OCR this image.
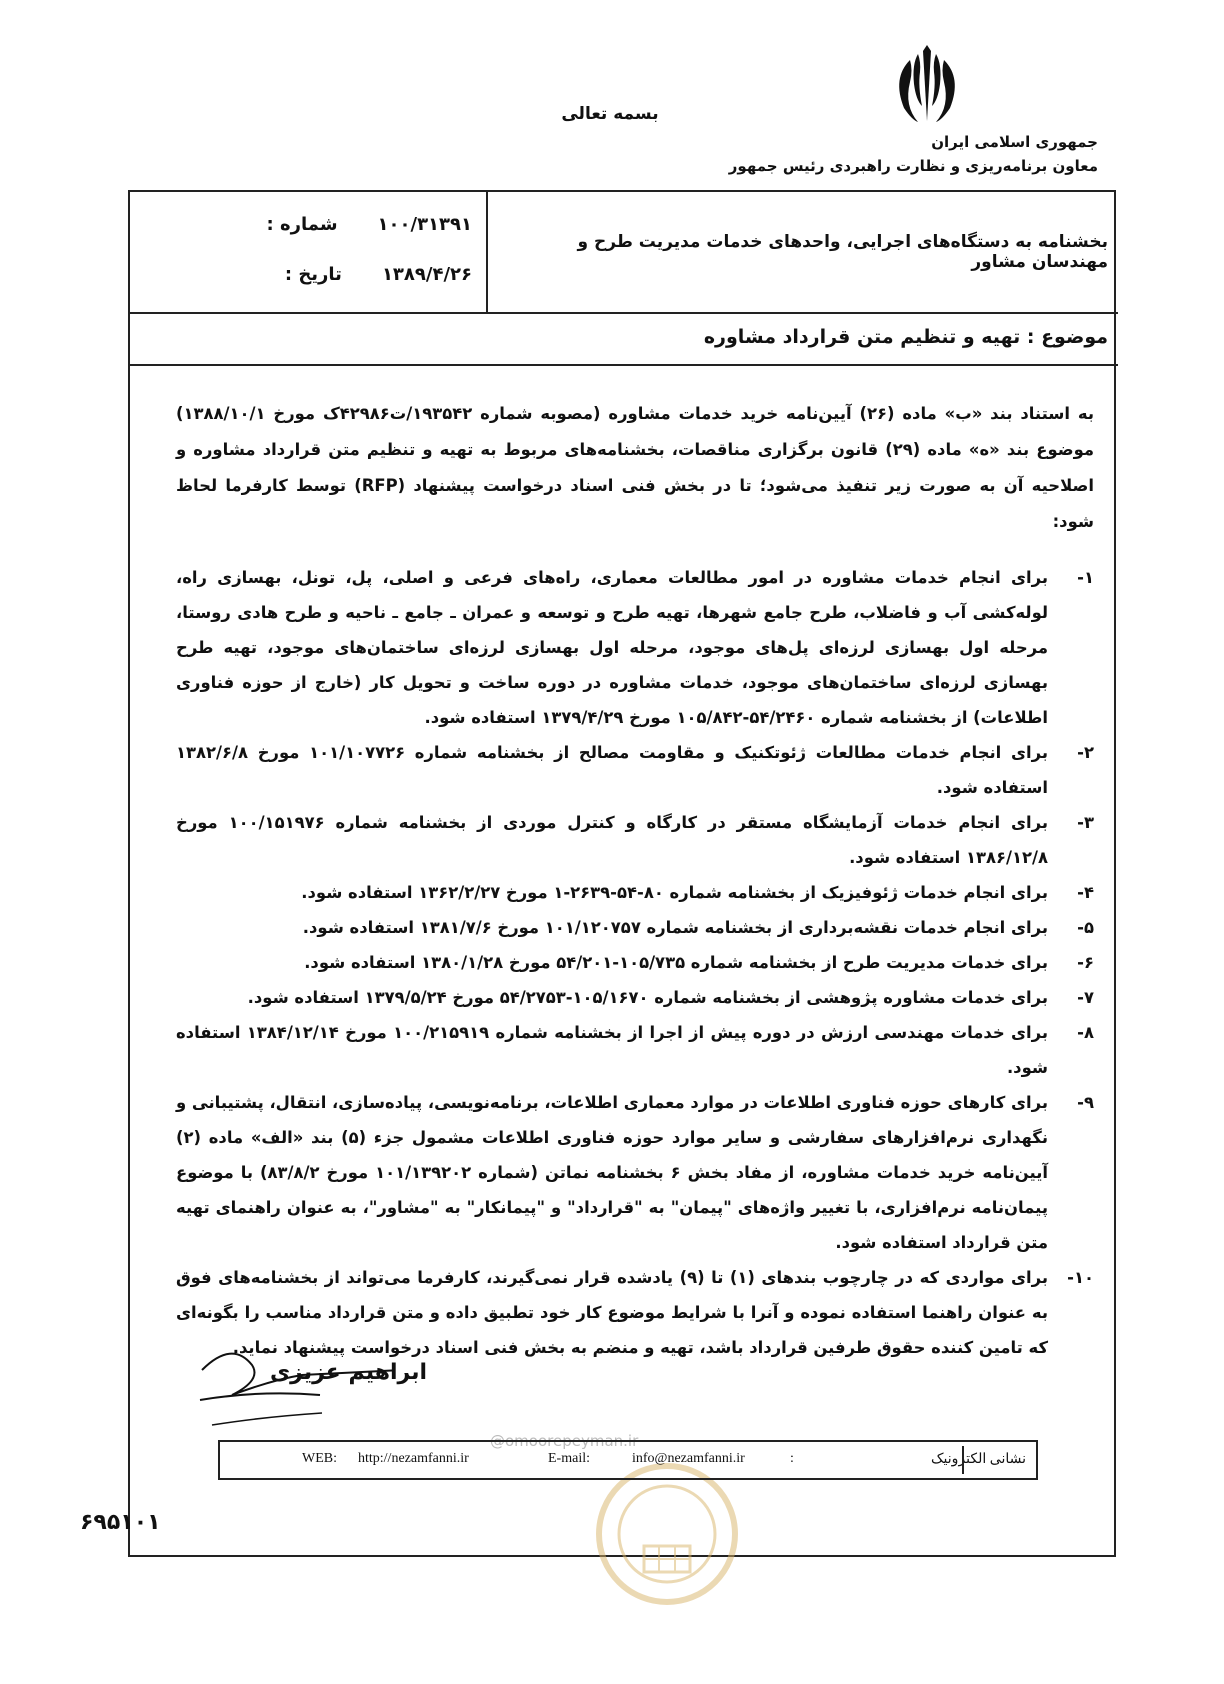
بسمه تعالی
جمهوری اسلامی ایران
معاون برنامه‌ریزی و نظارت راهبردی رئیس جمهور
شماره : ۱۰۰/۳۱۳۹۱
تاریخ : ۱۳۸۹/۴/۲۶
بخشنامه به دستگاه‌های اجرایی، واحدهای خدمات مدیریت طرح و مهندسان مشاور
موضوع : تهیه و تنظیم متن قرارداد مشاوره

به استناد بند «ب» ماده (۲۶) آیین‌نامه خرید خدمات مشاوره (مصوبه شماره ۱۹۳۵۴۲/ت۴۲۹۸۶ک مورخ ۱۳۸۸/۱۰/۱) موضوع بند «ه» ماده (۲۹) قانون برگزاری مناقصات، بخشنامه‌های مربوط به تهیه و تنظیم متن قرارداد مشاوره و اصلاحیه آن به صورت زیر تنفیذ می‌شود؛ تا در بخش فنی اسناد درخواست پیشنهاد (RFP) توسط کارفرما لحاظ شود:

۱-
برای انجام خدمات مشاوره در امور مطالعات معماری، راه‌های فرعی و اصلی، پل، تونل، بهسازی راه، لوله‌کشی آب و فاضلاب، طرح جامع شهرها، تهیه طرح و توسعه و عمران ـ جامع ـ ناحیه و طرح هادی روستا، مرحله اول بهسازی لرزه‌ای پل‌های موجود، مرحله اول بهسازی لرزه‌ای ساختمان‌های موجود، تهیه طرح بهسازی لرزه‌ای ساختمان‌های موجود، خدمات مشاوره در دوره ساخت و تحویل کار (خارج از حوزه فناوری اطلاعات) از بخشنامه شماره ۵۴/۲۴۶۰-۱۰۵/۸۴۲ مورخ ۱۳۷۹/۴/۲۹ استفاده شود.
۲-
برای انجام خدمات مطالعات ژئوتکنیک و مقاومت مصالح از بخشنامه شماره ۱۰۱/۱۰۷۷۲۶ مورخ ۱۳۸۲/۶/۸ استفاده شود.
۳-
برای انجام خدمات آزمایشگاه مستقر در کارگاه و کنترل موردی از بخشنامه شماره ۱۰۰/۱۵۱۹۷۶ مورخ ۱۳۸۶/۱۲/۸ استفاده شود.
۴-
برای انجام خدمات ژئوفیزیک از بخشنامه شماره ۸۰-۵۴-۲۶۳۹-۱ مورخ ۱۳۶۲/۲/۲۷ استفاده شود.
۵-
برای انجام خدمات نقشه‌برداری از بخشنامه شماره ۱۰۱/۱۲۰۷۵۷ مورخ ۱۳۸۱/۷/۶ استفاده شود.
۶-
برای خدمات مدیریت طرح از بخشنامه شماره ۱۰۵/۷۳۵-۵۴/۲۰۱ مورخ ۱۳۸۰/۱/۲۸ استفاده شود.
۷-
برای خدمات مشاوره پژوهشی از بخشنامه شماره ۱۰۵/۱۶۷۰-۵۴/۲۷۵۳ مورخ ۱۳۷۹/۵/۲۴ استفاده شود.
۸-
برای خدمات مهندسی ارزش در دوره پیش از اجرا از بخشنامه شماره ۱۰۰/۲۱۵۹۱۹ مورخ ۱۳۸۴/۱۲/۱۴ استفاده شود.
۹-
برای کارهای حوزه فناوری اطلاعات در موارد معماری اطلاعات، برنامه‌نویسی، پیاده‌سازی، انتقال، پشتیبانی و نگهداری نرم‌افزارهای سفارشی و سایر موارد حوزه فناوری اطلاعات مشمول جزء (۵) بند «الف» ماده (۲) آیین‌نامه خرید خدمات مشاوره، از مفاد بخش ۶ بخشنامه نماتن (شماره ۱۰۱/۱۳۹۲۰۲ مورخ ۸۳/۸/۲) با موضوع پیمان‌نامه نرم‌افزاری، با تغییر واژه‌های "پیمان" به "قرارداد" و "پیمانکار" به "مشاور"، به عنوان راهنمای تهیه متن قرارداد استفاده شود.
۱۰-
برای مواردی که در چارچوب بندهای (۱) تا (۹) یادشده قرار نمی‌گیرند، کارفرما می‌تواند از بخشنامه‌های فوق به عنوان راهنما استفاده نموده و آنرا با شرایط موضوع کار خود تطبیق داده و متن قرارداد مناسب را بگونه‌ای که تامین کننده حقوق طرفین قرارداد باشد، تهیه و منضم به بخش فنی اسناد درخواست پیشنهاد نماید.
ابراهیم عزیزی
@omoorepeyman.ir
نشانی الکترونیک
:
info@nezamfanni.ir
E-mail:
http://nezamfanni.ir
WEB:
۶۹۵۱۰۱
